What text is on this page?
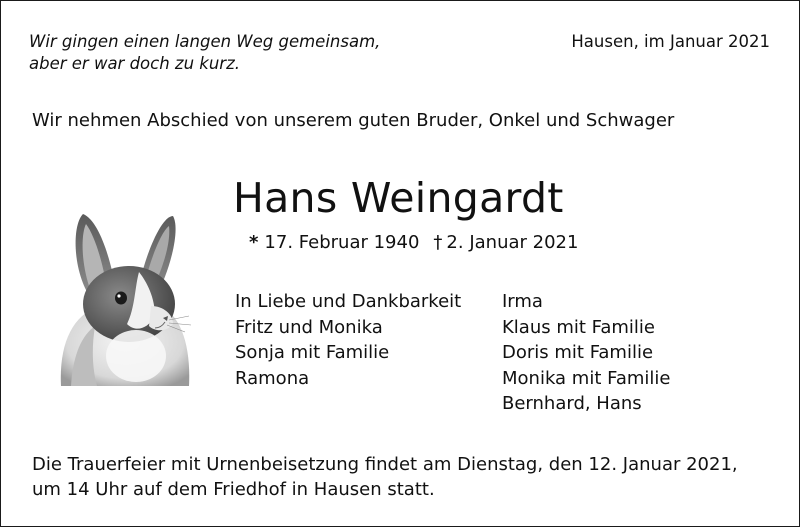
Wir gingen einen langen Weg gemeinsam,
aber er war doch zu kurz.
Hausen, im Januar 2021
Wir nehmen Abschied von unserem guten Bruder, Onkel und Schwager
Hans Weingardt
* 17. Februar 1940 † 2. Januar 2021
In Liebe und Dankbarkeit
Fritz und Monika
Sonja mit Familie
Ramona
Irma
Klaus mit Familie
Doris mit Familie
Monika mit Familie
Bernhard, Hans
Die Trauerfeier mit Urnenbeisetzung findet am Dienstag, den 12. Januar 2021,
um 14 Uhr auf dem Friedhof in Hausen statt.
